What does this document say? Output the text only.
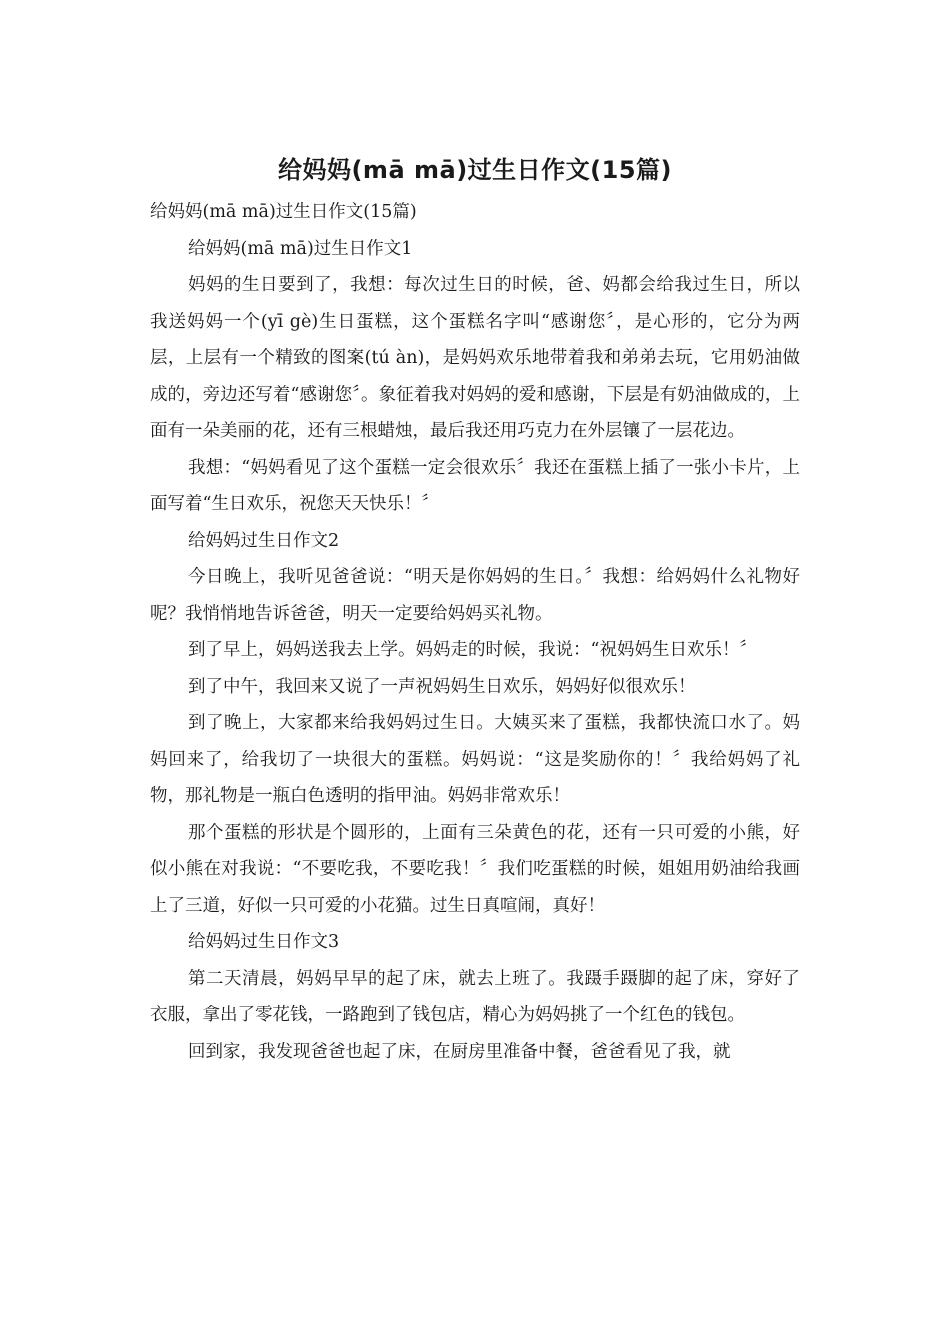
给妈妈(mā mā)过生日作文(15篇)

给妈妈(mā mā)过生日作文(15篇)

给妈妈(mā mā)过生日作文1

妈妈的生日要到了，我想：每次过生日的时候，爸、妈都会给我过生日，所以我送妈妈一个(yī gè)生日蛋糕，这个蛋糕名字叫“感谢您〞，是心形的，它分为两层，上层有一个精致的图案(tú àn)，是妈妈欢乐地带着我和弟弟去玩，它用奶油做成的，旁边还写着“感谢您〞。象征着我对妈妈的爱和感谢，下层是有奶油做成的，上面有一朵美丽的花，还有三根蜡烛，最后我还用巧克力在外层镶了一层花边。

我想：“妈妈看见了这个蛋糕一定会很欢乐〞我还在蛋糕上插了一张小卡片，上面写着“生日欢乐，祝您天天快乐！〞

给妈妈过生日作文2

今日晚上，我听见爸爸说：“明天是你妈妈的生日。〞我想：给妈妈什么礼物好呢？我悄悄地告诉爸爸，明天一定要给妈妈买礼物。

到了早上，妈妈送我去上学。妈妈走的时候，我说：“祝妈妈生日欢乐！〞

到了中午，我回来又说了一声祝妈妈生日欢乐，妈妈好似很欢乐！

到了晚上，大家都来给我妈妈过生日。大姨买来了蛋糕，我都快流口水了。妈妈回来了，给我切了一块很大的蛋糕。妈妈说：“这是奖励你的！〞我给妈妈了礼物，那礼物是一瓶白色透明的指甲油。妈妈非常欢乐！

那个蛋糕的形状是个圆形的，上面有三朵黄色的花，还有一只可爱的小熊，好似小熊在对我说：“不要吃我，不要吃我！〞我们吃蛋糕的时候，姐姐用奶油给我画上了三道，好似一只可爱的小花猫。过生日真喧闹，真好！

给妈妈过生日作文3

第二天清晨，妈妈早早的起了床，就去上班了。我蹑手蹑脚的起了床，穿好了衣服，拿出了零花钱，一路跑到了钱包店，精心为妈妈挑了一个红色的钱包。

回到家，我发现爸爸也起了床，在厨房里准备中餐，爸爸看见了我，就
